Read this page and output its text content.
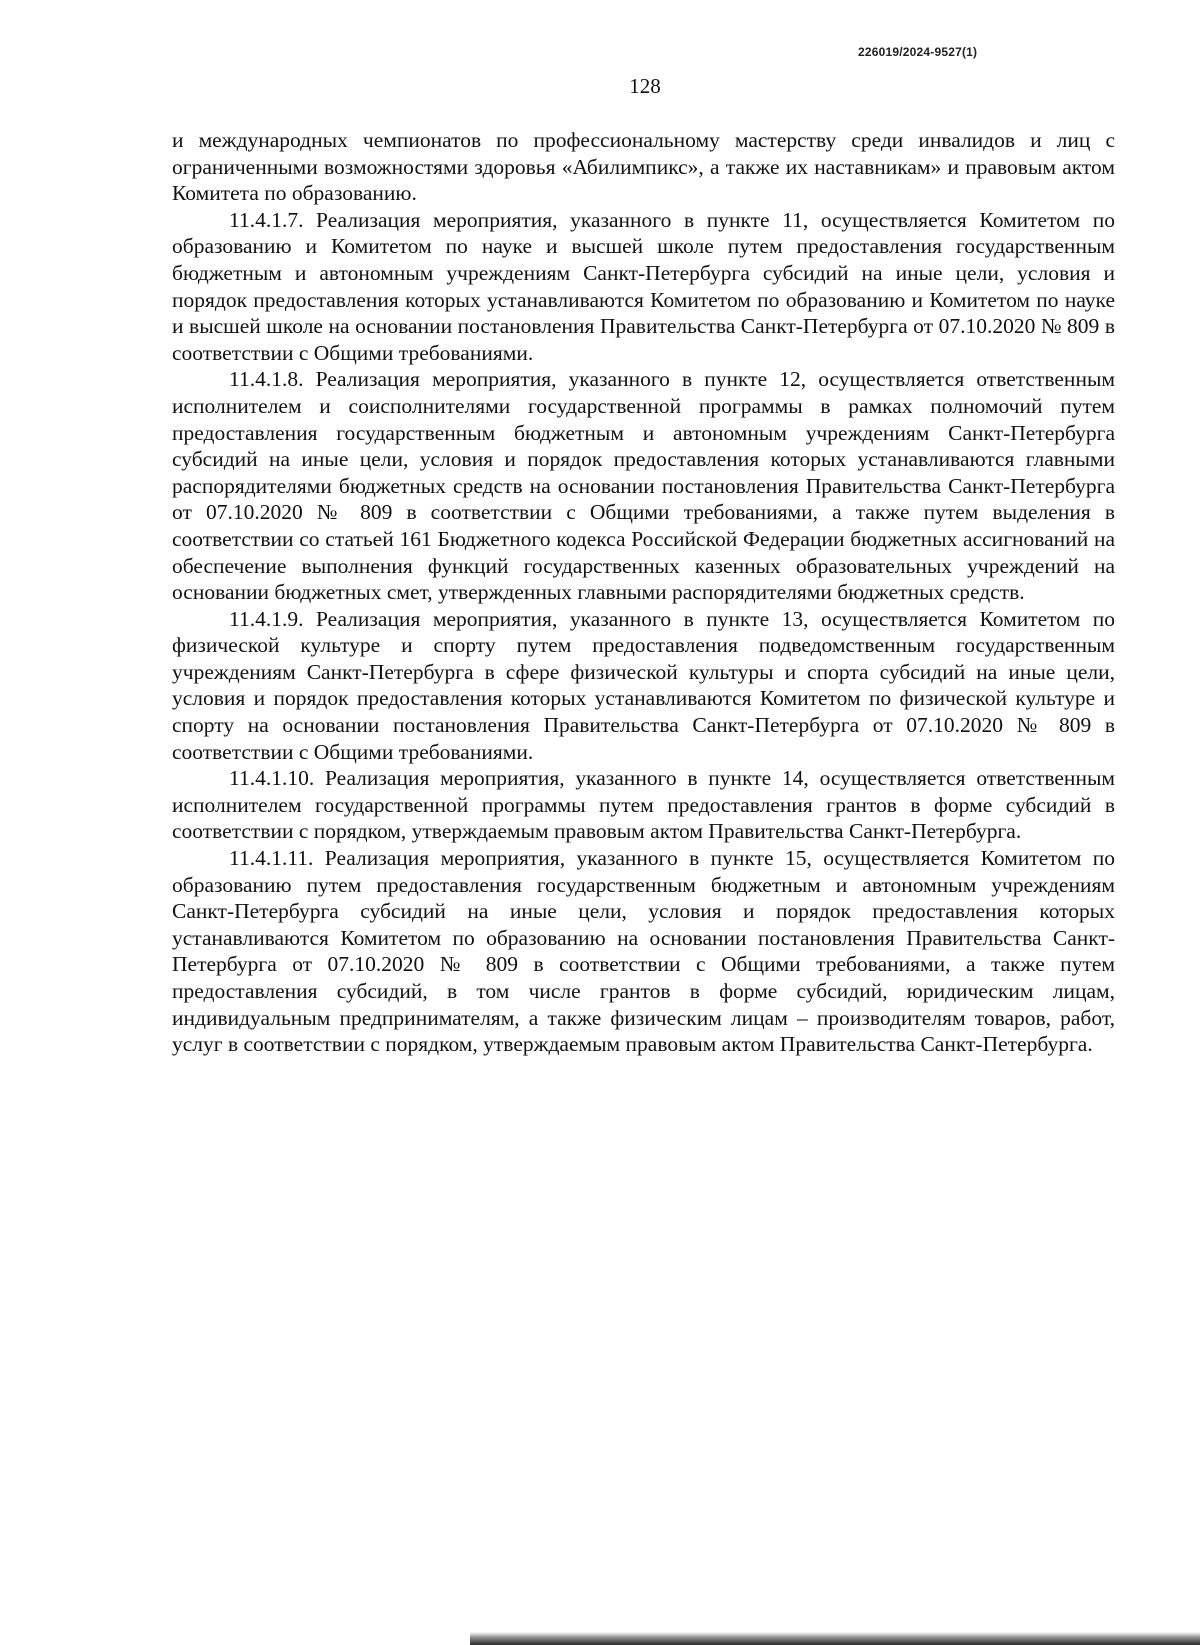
226019/2024-9527(1)
128

и международных чемпионатов по профессиональному мастерству среди инвалидов и лиц с ограниченными возможностями здоровья «Абилимпикс», а также их наставникам» и правовым актом Комитета по образованию.

11.4.1.7. Реализация мероприятия, указанного в пункте 11, осуществляется Комитетом по образованию и Комитетом по науке и высшей школе путем предоставления государственным бюджетным и автономным учреждениям Санкт-Петербурга субсидий на иные цели, условия и порядок предоставления которых устанавливаются Комитетом по образованию и Комитетом по науке и высшей школе на основании постановления Правительства Санкт-Петербурга от 07.10.2020 № 809 в соответствии с Общими требованиями.

11.4.1.8. Реализация мероприятия, указанного в пункте 12, осуществляется ответственным исполнителем и соисполнителями государственной программы в рамках полномочий путем предоставления государственным бюджетным и автономным учреждениям Санкт-Петербурга субсидий на иные цели, условия и порядок предоставления которых устанавливаются главными распорядителями бюджетных средств на основании постановления Правительства Санкт-Петербурга от 07.10.2020 № 809 в соответствии с Общими требованиями, а также путем выделения в соответствии со статьей 161 Бюджетного кодекса Российской Федерации бюджетных ассигнований на обеспечение выполнения функций государственных казенных образовательных учреждений на основании бюджетных смет, утвержденных главными распорядителями бюджетных средств.

11.4.1.9. Реализация мероприятия, указанного в пункте 13, осуществляется Комитетом по физической культуре и спорту путем предоставления подведомственным государственным учреждениям Санкт-Петербурга в сфере физической культуры и спорта субсидий на иные цели, условия и порядок предоставления которых устанавливаются Комитетом по физической культуре и спорту на основании постановления Правительства Санкт-Петербурга от 07.10.2020 № 809 в соответствии с Общими требованиями.

11.4.1.10. Реализация мероприятия, указанного в пункте 14, осуществляется ответственным исполнителем государственной программы путем предоставления грантов в форме субсидий в соответствии с порядком, утверждаемым правовым актом Правительства Санкт-Петербурга.

11.4.1.11. Реализация мероприятия, указанного в пункте 15, осуществляется Комитетом по образованию путем предоставления государственным бюджетным и автономным учреждениям Санкт-Петербурга субсидий на иные цели, условия и порядок предоставления которых устанавливаются Комитетом по образованию на основании постановления Правительства Санкт-Петербурга от 07.10.2020 № 809 в соответствии с Общими требованиями, а также путем предоставления субсидий, в том числе грантов в форме субсидий, юридическим лицам, индивидуальным предпринимателям, а также физическим лицам – производителям товаров, работ, услуг в соответствии с порядком, утверждаемым правовым актом Правительства Санкт-Петербурга.
